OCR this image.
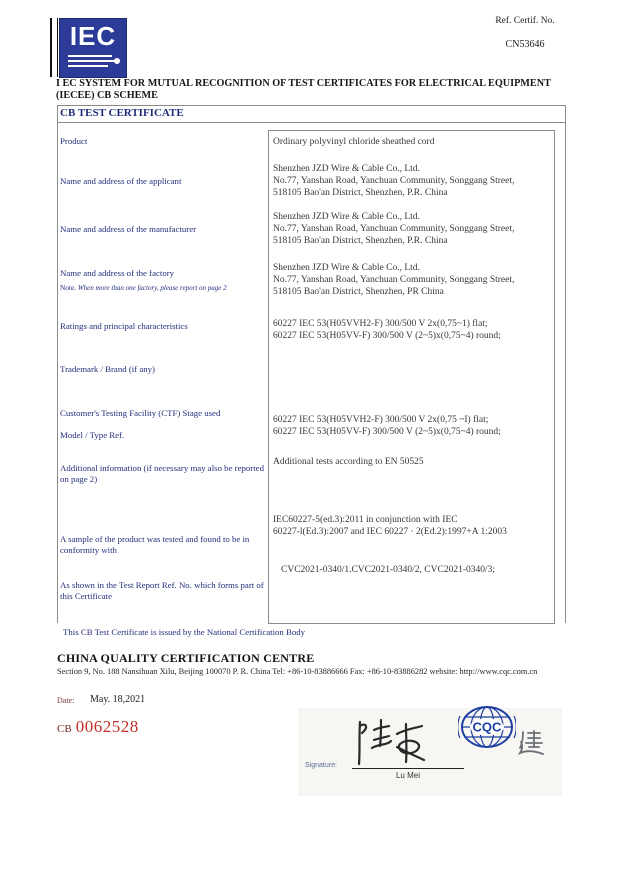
IEC	Ref. Certif. No.
CN53646
I EC SYSTEM FOR MUTUAL RECOGNITION OF TEST CERTIFICATES FOR ELECTRICAL EQUIPMENT
(IECEE) CB SCHEME
CB TEST CERTIFICATE
Product
Name and address of the applicant
Name and address of the manufacturer
Name and address of the factory
Note. When more than one factory, please report on page 2
Ratings and principal characteristics
Trademark / Brand (if any)
Customer's Testing Facility (CTF) Stage used
Model / Type Ref.
Additional information (if necessary may also be reported on page 2)
A sample of the product was tested and found to be in conformity with
As shown in the Test Report Ref. No. which forms part of this Certificate
Ordinary polyvinyl chloride sheathed cord
Shenzhen JZD Wire & Cable Co., Ltd.
No.77, Yanshan Road, Yanchuan Community, Songgang Street,
518105 Bao'an District, Shenzhen, P.R. China
Shenzhen JZD Wire & Cable Co., Ltd.
No.77, Yanshan Road, Yanchuan Community, Songgang Street,
518105 Bao'an District, Shenzhen, P.R. China
Shenzhen JZD Wire & Cable Co., Ltd.
No.77, Yanshan Road, Yanchuan Community, Songgang Street,
518105 Bao'an District, Shenzhen, PR China
60227 IEC 53(H05VVH2-F) 300/500 V 2x(0,75~1) flat;
60227 IEC 53(H05VV-F) 300/500 V (2~5)x(0,75~4) round;
60227 IEC 53(H05VVH2-F) 300/500 V 2x(0,75 ~I) flat;
60227 IEC 53(H05VV-F) 300/500 V (2~5)x(0,75~4) round;
Additional tests according to EN 50525
IEC60227-5(ed.3):2011 in conjunction with IEC
60227-l(Ed.3):2007 and IEC 60227 · 2(Ed.2):1997+A 1:2003
CVC2021-0340/1.CVC2021-0340/2, CVC2021-0340/3;
This CB Test Certificate is issued by the National Certification Body
CHINA QUALITY CERTIFICATION CENTRE
Section 9, No. 188 Nansihuan Xilu, Beijing 100070 P. R. China Tel: +86-10-83886666 Fax: +86-10-83886282 website: http://www.cqc.com.cn
Date: May. 18,2021
CB 0062528
Signature:
Lu Mei
CQC
